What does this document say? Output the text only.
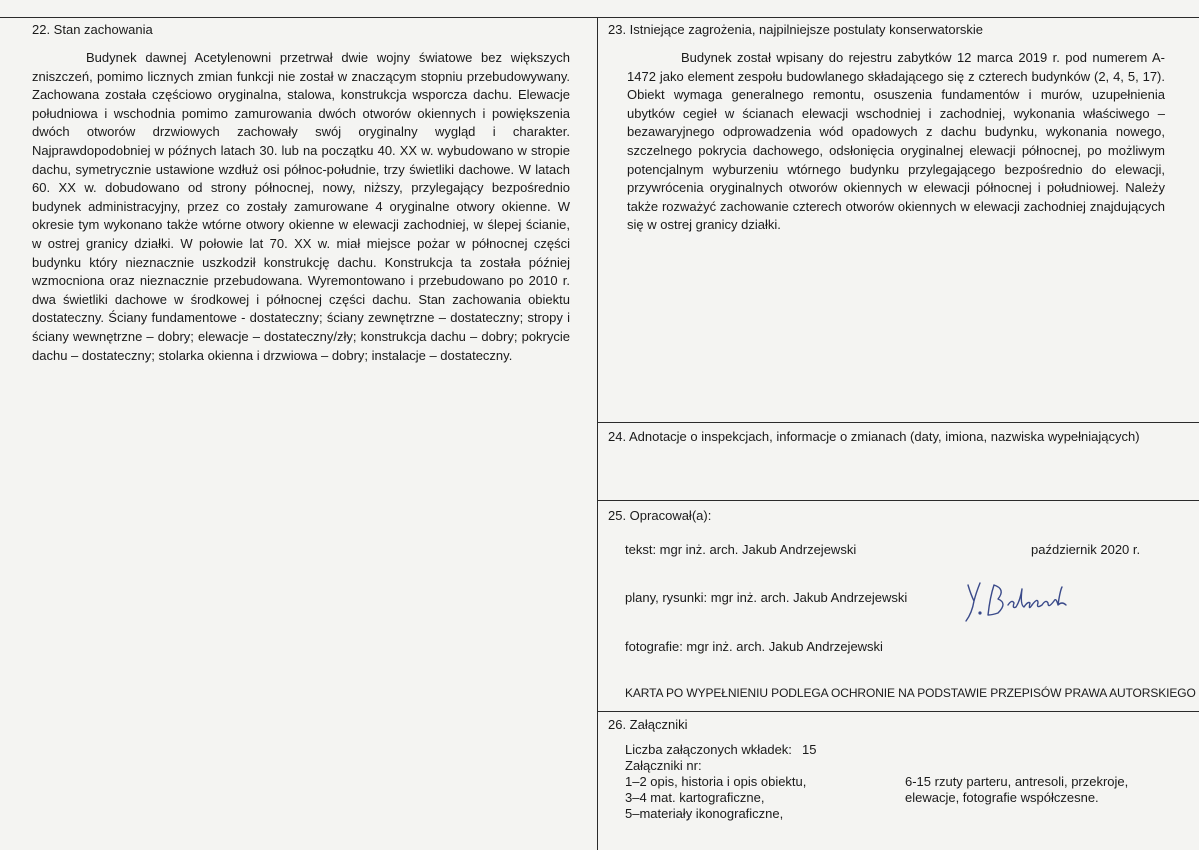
22. Stan zachowania
Budynek dawnej Acetylenowni przetrwał dwie wojny światowe bez większych zniszczeń, pomimo licznych zmian funkcji nie został w znaczącym stopniu przebudowywany. Zachowana została częściowo oryginalna, stalowa, konstrukcja wsporcza dachu. Elewacje południowa i wschodnia pomimo zamurowania dwóch otworów okiennych i powiększenia dwóch otworów drzwiowych zachowały swój oryginalny wygląd i charakter. Najprawdopodobniej w późnych latach 30. lub na początku 40. XX w. wybudowano w stropie dachu, symetrycznie ustawione wzdłuż osi północ-południe, trzy świetliki dachowe. W latach 60. XX w. dobudowano od strony północnej, nowy, niższy, przylegający bezpośrednio budynek administracyjny, przez co zostały zamurowane 4 oryginalne otwory okienne. W okresie tym wykonano także wtórne otwory okienne w elewacji zachodniej, w ślepej ścianie, w ostrej granicy działki. W połowie lat 70. XX w. miał miejsce pożar w północnej części budynku który nieznacznie uszkodził konstrukcję dachu. Konstrukcja ta została później wzmocniona oraz nieznacznie przebudowana. Wyremontowano i przebudowano po 2010 r. dwa świetliki dachowe w środkowej i północnej części dachu. Stan zachowania obiektu dostateczny. Ściany fundamentowe - dostateczny; ściany zewnętrzne – dostateczny; stropy i ściany wewnętrzne – dobry; elewacje – dostateczny/zły; konstrukcja dachu – dobry; pokrycie dachu – dostateczny; stolarka okienna i drzwiowa – dobry; instalacje – dostateczny.
23. Istniejące zagrożenia, najpilniejsze postulaty konserwatorskie
Budynek został wpisany do rejestru zabytków 12 marca 2019 r. pod numerem A-1472 jako element zespołu budowlanego składającego się z czterech budynków (2, 4, 5, 17). Obiekt wymaga generalnego remontu, osuszenia fundamentów i murów, uzupełnienia ubytków cegieł w ścianach elewacji wschodniej i zachodniej, wykonania właściwego – bezawaryjnego odprowadzenia wód opadowych z dachu budynku, wykonania nowego, szczelnego pokrycia dachowego, odsłonięcia oryginalnej elewacji północnej, po możliwym potencjalnym wyburzeniu wtórnego budynku przylegającego bezpośrednio do elewacji, przywrócenia oryginalnych otworów okiennych w elewacji północnej i południowej. Należy także rozważyć zachowanie czterech otworów okiennych w elewacji zachodniej znajdujących się w ostrej granicy działki.
24. Adnotacje o inspekcjach, informacje o zmianach (daty, imiona, nazwiska wypełniających)
25. Opracował(a):
tekst: mgr inż. arch. Jakub Andrzejewski	październik 2020 r.
plany, rysunki: mgr inż. arch. Jakub Andrzejewski
fotografie: mgr inż. arch. Jakub Andrzejewski
KARTA PO WYPEŁNIENIU PODLEGA OCHRONIE NA PODSTAWIE PRZEPISÓW PRAWA AUTORSKIEGO
26. Załączniki
Liczba załączonych wkładek: 15
Załączniki nr:
1–2 opis, historia i opis obiektu,
3–4 mat. kartograficzne,
5–materiały ikonograficzne,
6-15 rzuty parteru, antresoli, przekroje,
elewacje, fotografie współczesne.
